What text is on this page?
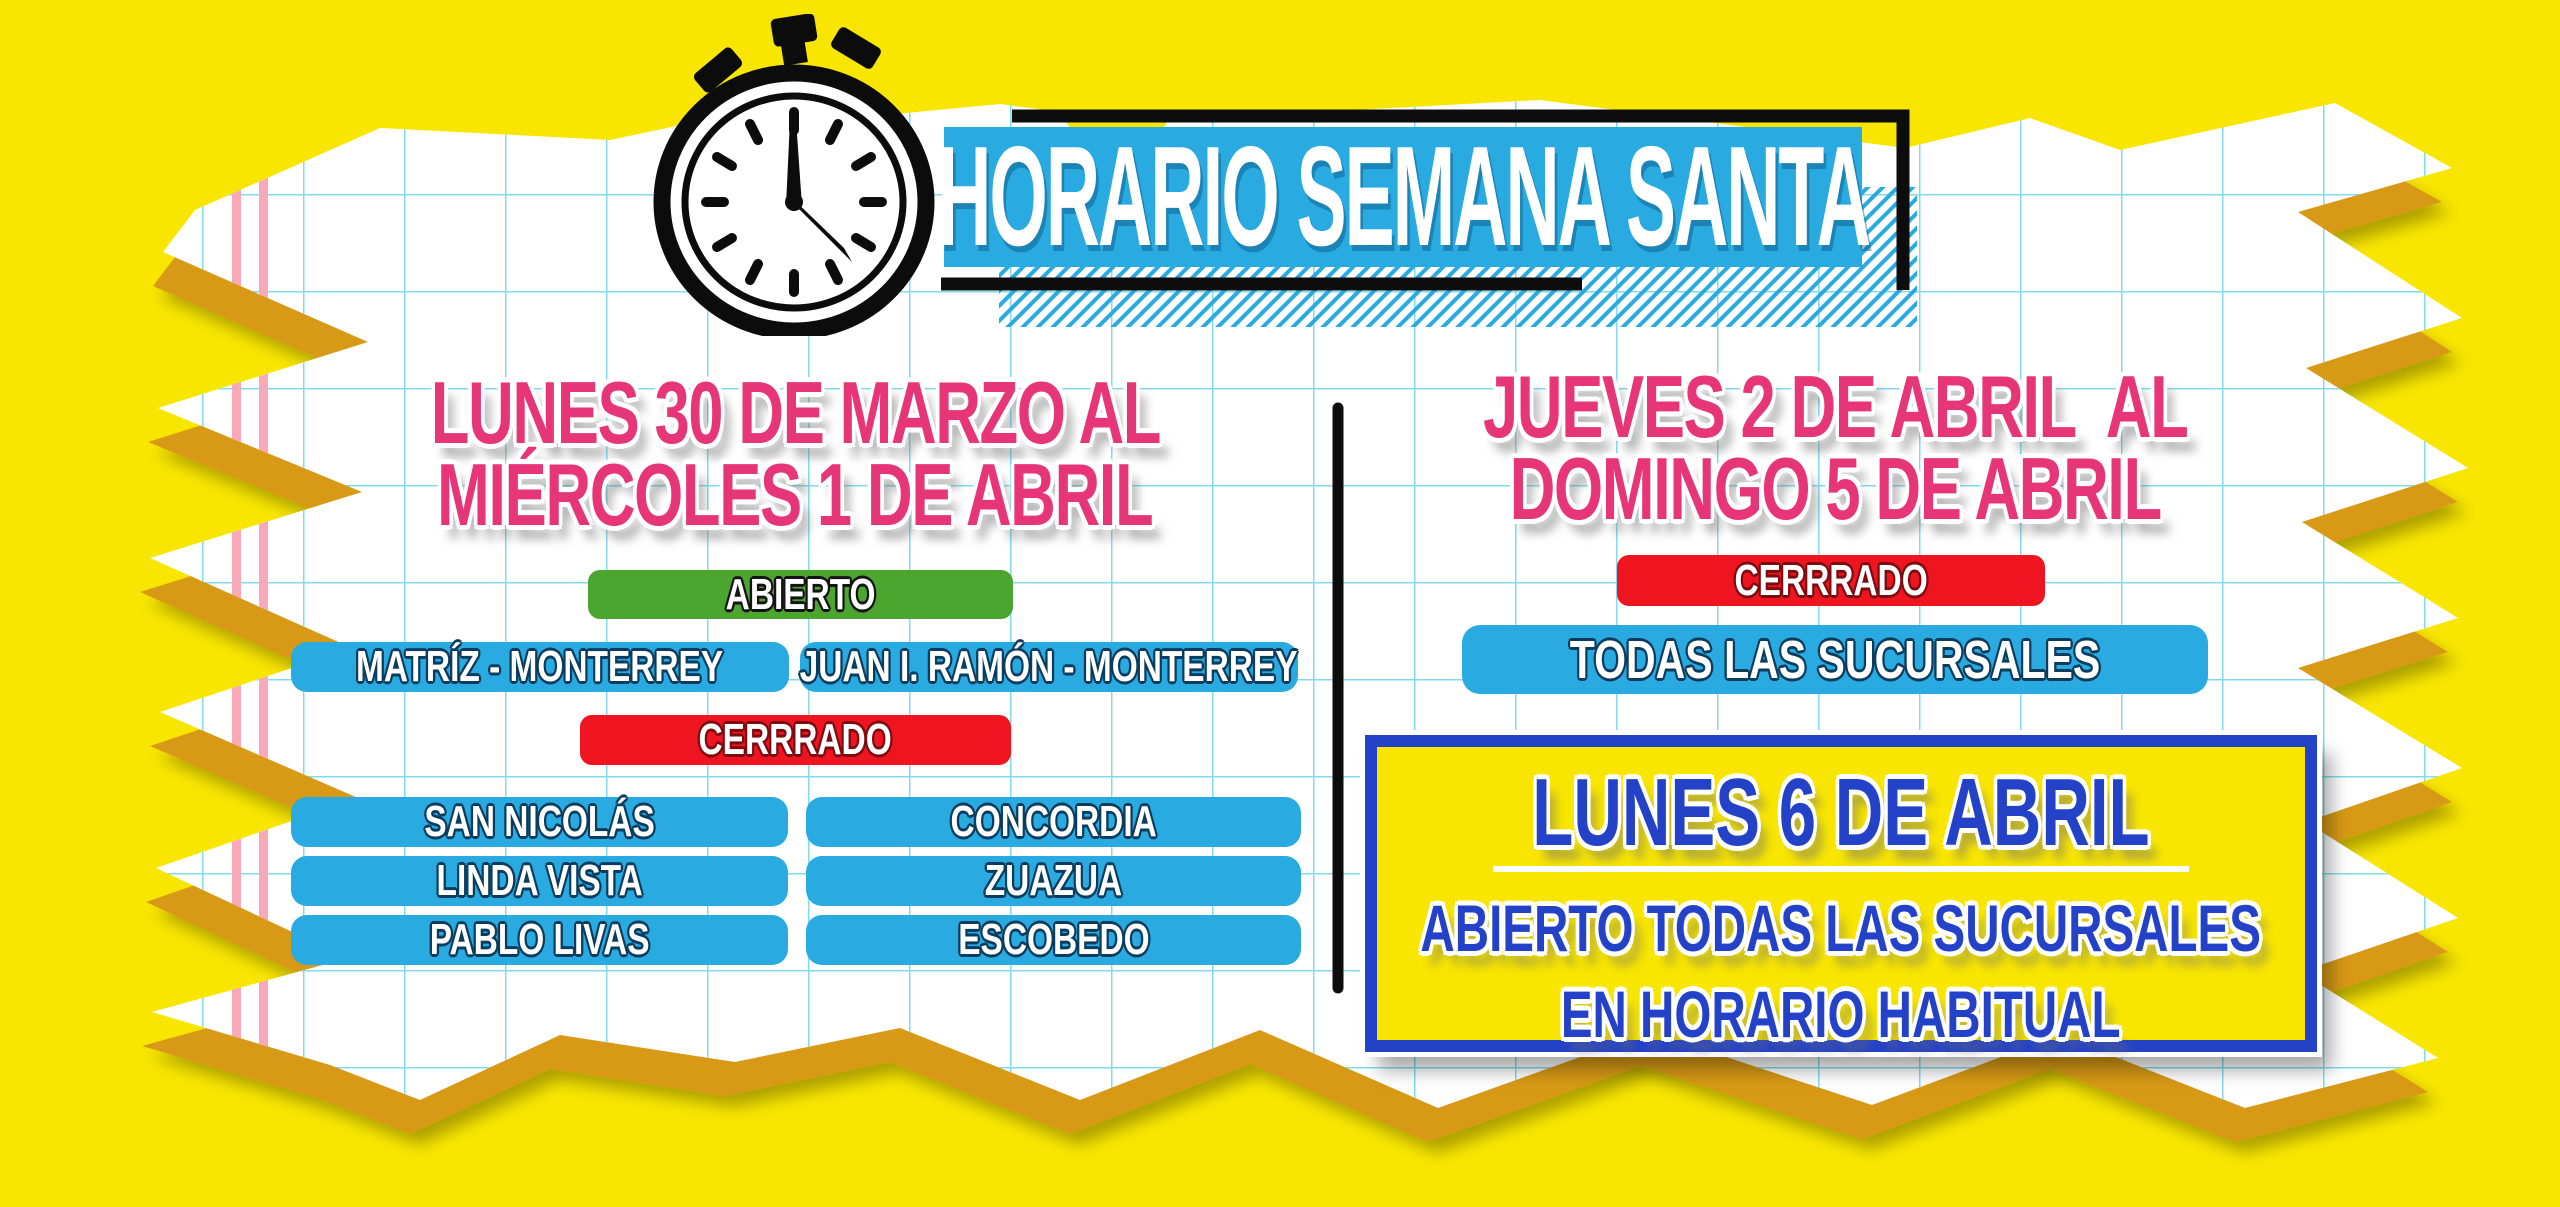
HORARIO SEMANA SANTA
LUNES 30 DE MARZO AL
MIÉRCOLES 1 DE ABRIL
ABIERTO
MATRÍZ - MONTERREY JUAN I. RAMÓN - MONTERREY
CERRRADO
SAN NICOLÁS	CONCORDIA
LINDA VISTA	ZUAZUA
PABLO LIVAS	ESCOBEDO
JUEVES 2 DE ABRIL  AL
DOMINGO 5 DE ABRIL
CERRRADO
TODAS LAS SUCURSALES
LUNES 6 DE ABRIL
ABIERTO TODAS LAS SUCURSALES
EN HORARIO HABITUAL
